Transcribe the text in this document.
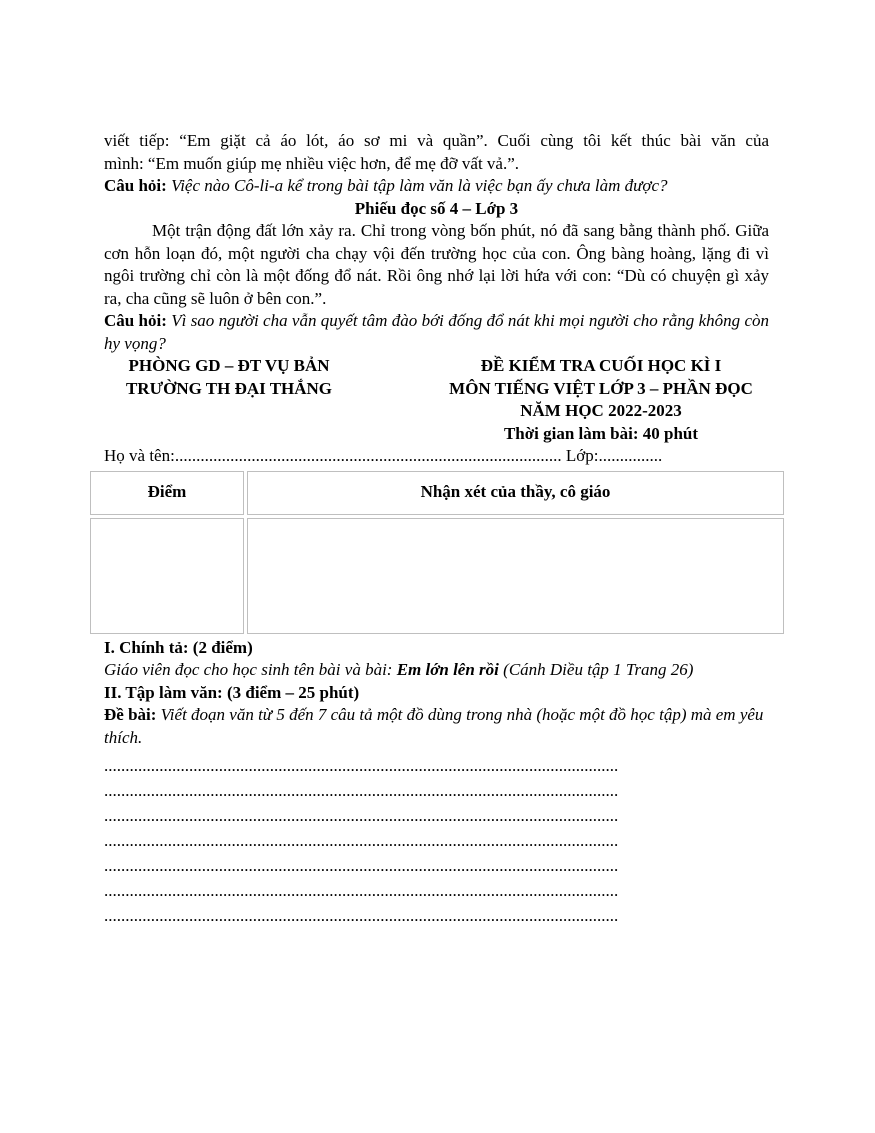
viết tiếp: “Em giặt cả áo lót, áo sơ mi và quần”. Cuối cùng tôi kết thúc bài văn của

mình: “Em muốn giúp mẹ nhiều việc hơn, để mẹ đỡ vất vả.”.

Câu hỏi: Việc nào Cô-li-a kể trong bài tập làm văn là việc bạn ấy chưa làm được?

Phiếu đọc số 4 – Lớp 3

Một trận động đất lớn xảy ra. Chỉ trong vòng bốn phút, nó đã sang bằng thành phố. Giữa cơn hỗn loạn đó, một người cha chạy vội đến trường học của con. Ông bàng hoàng, lặng đi vì ngôi trường chỉ còn là một đống đổ nát. Rồi ông nhớ lại lời hứa với con: “Dù có chuyện gì xảy ra, cha cũng sẽ luôn ở bên con.”.

Câu hỏi: Vì sao người cha vẫn quyết tâm đào bới đống đổ nát khi mọi người cho rằng không còn hy vọng?

PHÒNG GD – ĐT VỤ BẢN
TRƯỜNG TH ĐẠI THẮNG
ĐỀ KIỂM TRA CUỐI HỌC KÌ I
MÔN TIẾNG VIỆT LỚP 3 – PHẦN ĐỌC
NĂM HỌC 2022-2023
Thời gian làm bài: 40 phút

Họ và tên:........................................................................................... Lớp:...............

Điểm	Nhận xét của thầy, cô giáo

I. Chính tả: (2 điểm)

Giáo viên đọc cho học sinh tên bài và bài: Em lớn lên rồi (Cánh Diều tập 1 Trang 26)

II. Tập làm văn: (3 điểm – 25 phút)

Đề bài: Viết đoạn văn từ 5 đến 7 câu tả một đồ dùng trong nhà (hoặc một đồ học tập) mà em yêu thích.

.........................................................................................................................
.........................................................................................................................
.........................................................................................................................
.........................................................................................................................
.........................................................................................................................
.........................................................................................................................
.........................................................................................................................
